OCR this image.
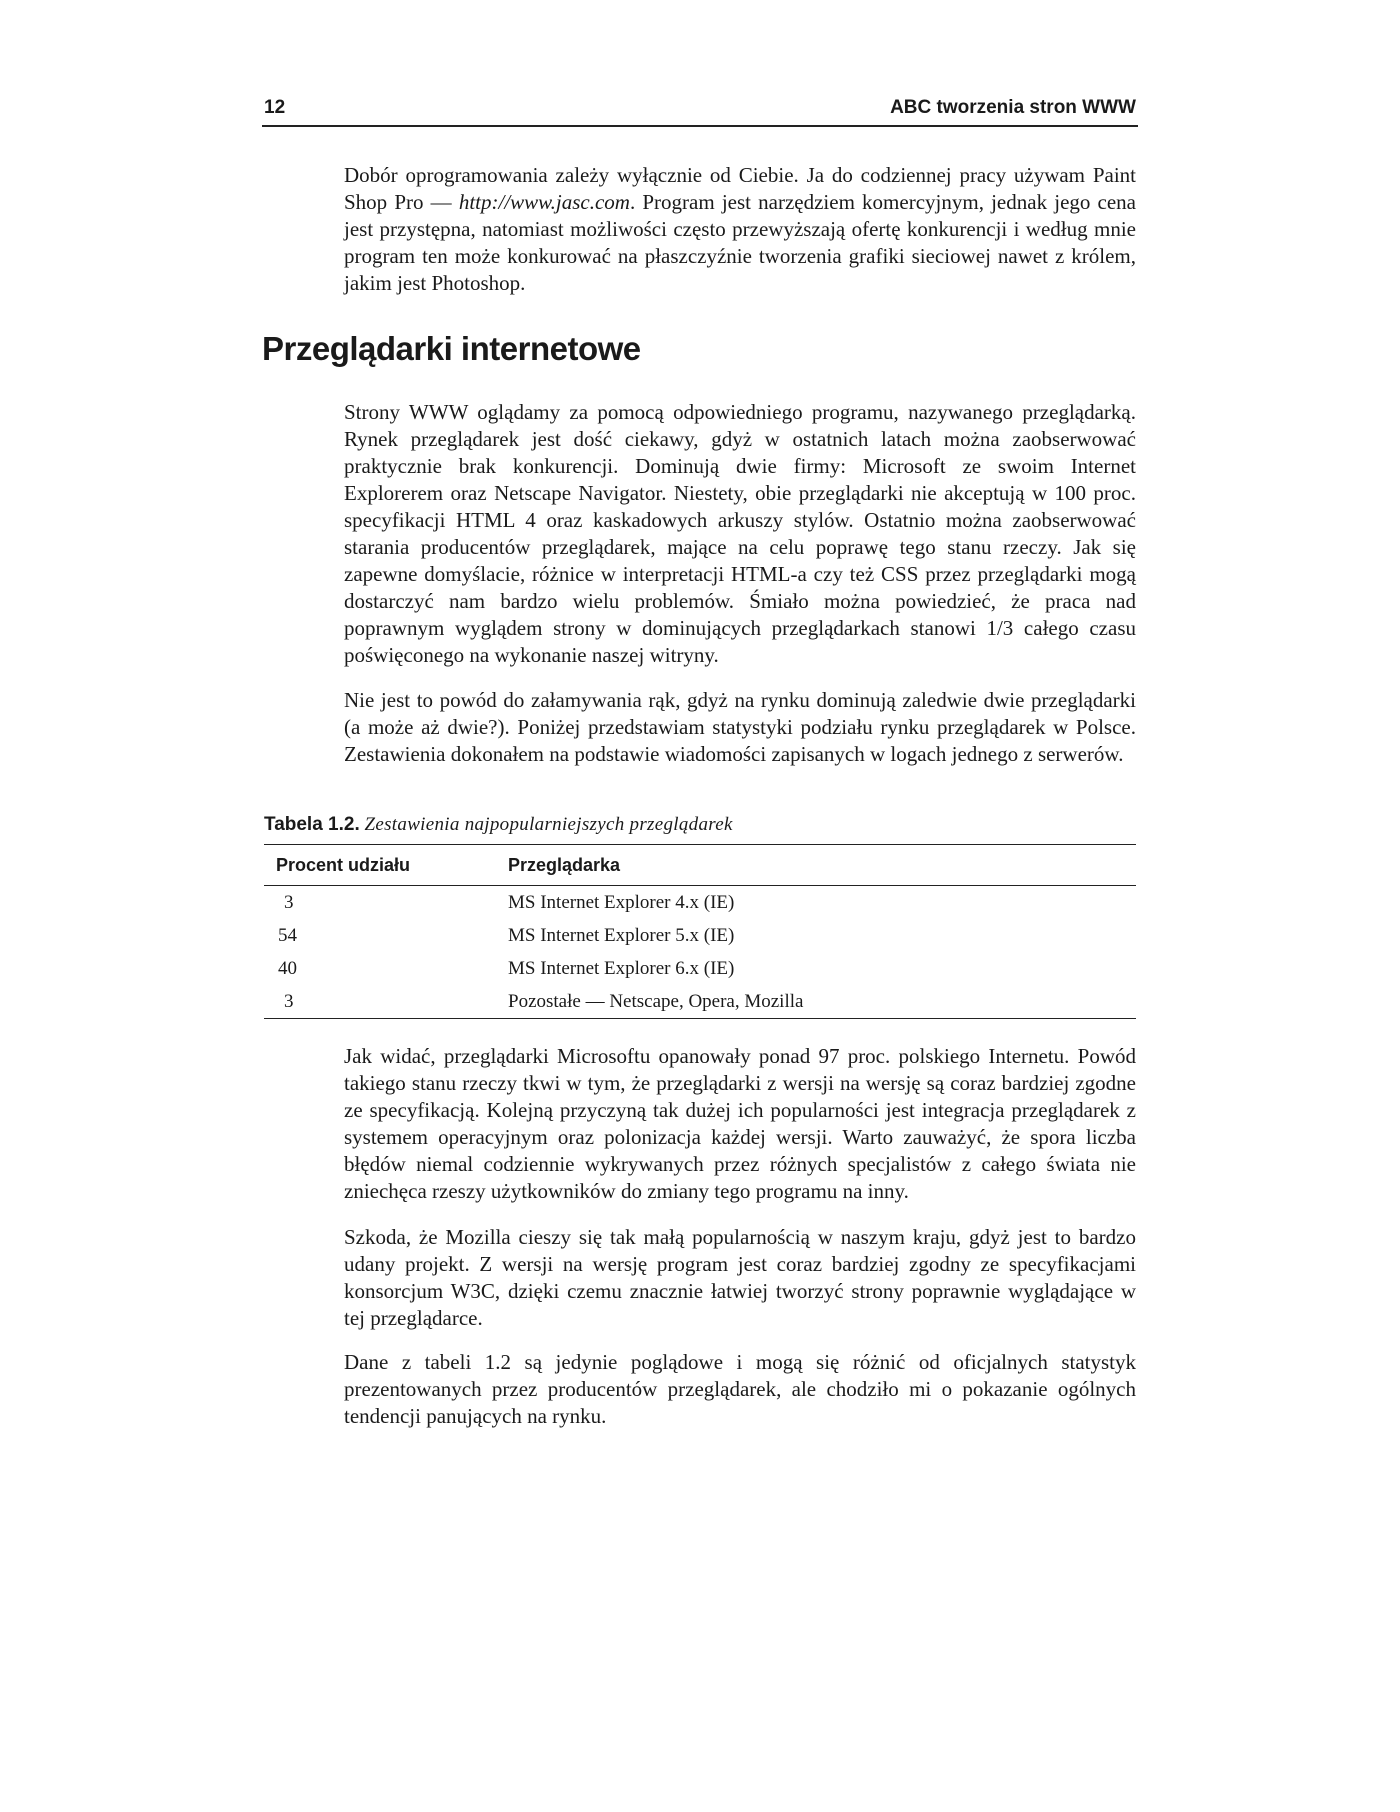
12	ABC tworzenia stron WWW

Dobór oprogramowania zależy wyłącznie od Ciebie. Ja do codziennej pracy używam Paint Shop Pro — http://www.jasc.com. Program jest narzędziem komercyjnym, jednak jego cena jest przystępna, natomiast możliwości często przewyższają ofertę konkurencji i według mnie program ten może konkurować na płaszczyźnie tworzenia grafiki sieciowej nawet z królem, jakim jest Photoshop.

Przeglądarki internetowe

Strony WWW oglądamy za pomocą odpowiedniego programu, nazywanego przeglądarką. Rynek przeglądarek jest dość ciekawy, gdyż w ostatnich latach można zaobserwować praktycznie brak konkurencji. Dominują dwie firmy: Microsoft ze swoim Internet Explorerem oraz Netscape Navigator. Niestety, obie przeglądarki nie akceptują w 100 proc. specyfikacji HTML 4 oraz kaskadowych arkuszy stylów. Ostatnio można zaobserwować starania producentów przeglądarek, mające na celu poprawę tego stanu rzeczy. Jak się zapewne domyślacie, różnice w interpretacji HTML-a czy też CSS przez przeglądarki mogą dostarczyć nam bardzo wielu problemów. Śmiało można powiedzieć, że praca nad poprawnym wyglądem strony w dominujących przeglądarkach stanowi 1/3 całego czasu poświęconego na wykonanie naszej witryny.

Nie jest to powód do załamywania rąk, gdyż na rynku dominują zaledwie dwie przeglądarki (a może aż dwie?). Poniżej przedstawiam statystyki podziału rynku przeglądarek w Polsce. Zestawienia dokonałem na podstawie wiadomości zapisanych w logach jednego z serwerów.

Tabela 1.2. Zestawienia najpopularniejszych przeglądarek
Procent udziału	Przeglądarka
3	MS Internet Explorer 4.x (IE)
54	MS Internet Explorer 5.x (IE)
40	MS Internet Explorer 6.x (IE)
3	Pozostałe — Netscape, Opera, Mozilla

Jak widać, przeglądarki Microsoftu opanowały ponad 97 proc. polskiego Internetu. Powód takiego stanu rzeczy tkwi w tym, że przeglądarki z wersji na wersję są coraz bardziej zgodne ze specyfikacją. Kolejną przyczyną tak dużej ich popularności jest integracja przeglądarek z systemem operacyjnym oraz polonizacja każdej wersji. Warto zauważyć, że spora liczba błędów niemal codziennie wykrywanych przez różnych specjalistów z całego świata nie zniechęca rzeszy użytkowników do zmiany tego programu na inny.

Szkoda, że Mozilla cieszy się tak małą popularnością w naszym kraju, gdyż jest to bardzo udany projekt. Z wersji na wersję program jest coraz bardziej zgodny ze specyfikacjami konsorcjum W3C, dzięki czemu znacznie łatwiej tworzyć strony poprawnie wyglądające w tej przeglądarce.

Dane z tabeli 1.2 są jedynie poglądowe i mogą się różnić od oficjalnych statystyk prezentowanych przez producentów przeglądarek, ale chodziło mi o pokazanie ogólnych tendencji panujących na rynku.
